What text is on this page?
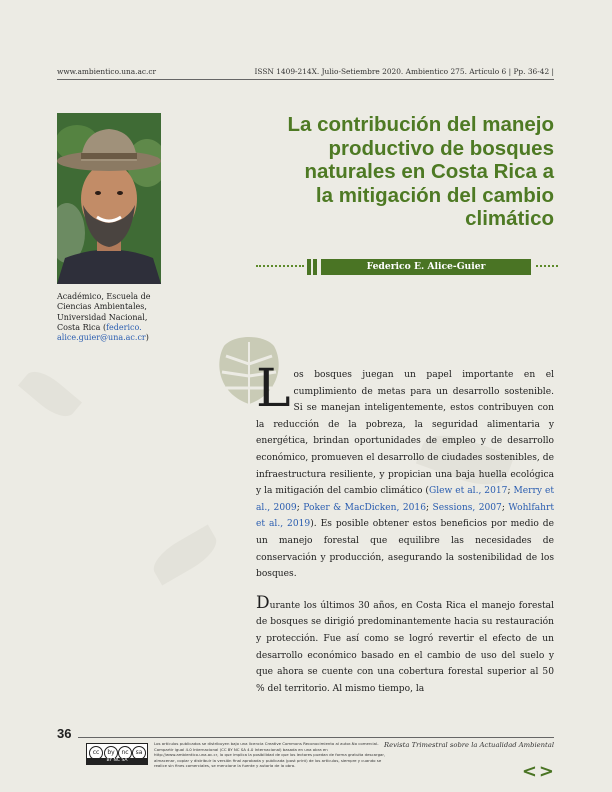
www.ambientico.una.ac.cr	ISSN 1409-214X. Julio-Setiembre 2020. Ambientico 275. Artículo 6 | Pp. 36-42 |
Académico, Escuela de
Ciencias Ambientales,
Universidad Nacional,
Costa Rica (federico.
alice.guier@una.ac.cr)
La contribución del manejo
productivo de bosques
naturales en Costa Rica a
la mitigación del cambio
climático
Federico E. Alice-Guier

Los bosques juegan un papel importante en el cumplimiento de metas para un desarrollo sostenible. Si se manejan inteligentemente, estos contribuyen con la reducción de la pobreza, la seguridad alimentaria y energética, brindan oportunidades de empleo y de desarrollo económico, promueven el desarrollo de ciudades sostenibles, de infraestructura resiliente, y propician una baja huella ecológica y la mitigación del cambio climático (Glew et al., 2017; Merry et al., 2009; Poker & MacDicken, 2016; Sessions, 2007; Wohlfahrt et al., 2019). Es posible obtener estos beneficios por medio de un manejo forestal que equilibre las necesidades de conservación y producción, asegurando la sostenibilidad de los bosques.

Durante los últimos 30 años, en Costa Rica el manejo forestal de bosques se dirigió predominantemente hacia su restauración y protección. Fue así como se logró revertir el efecto de un desarrollo económico basado en el cambio de uso del suelo y que ahora se cuente con una cobertura forestal superior al 50 % del territorio. Al mismo tiempo, la

36
cc	by	nc	sa
BY NC SA
Los artículos publicados se distribuyen bajo una licencia Creative Commons Reconocimiento al autor-No comercial-Compartir igual 4.0 Internacional (CC BY NC SA 4.0 Internacional) basada en una obra en http://www.ambientico.una.ac.cr, lo que implica la posibilidad de que los lectores puedan de forma gratuita descargar, almacenar, copiar y distribuir la versión final aprobada y publicada (post print) de los artículos, siempre y cuando se realice sin fines comerciales, se mencione la fuente y autoría de la obra.
Revista Trimestral sobre la Actualidad Ambiental
<>
